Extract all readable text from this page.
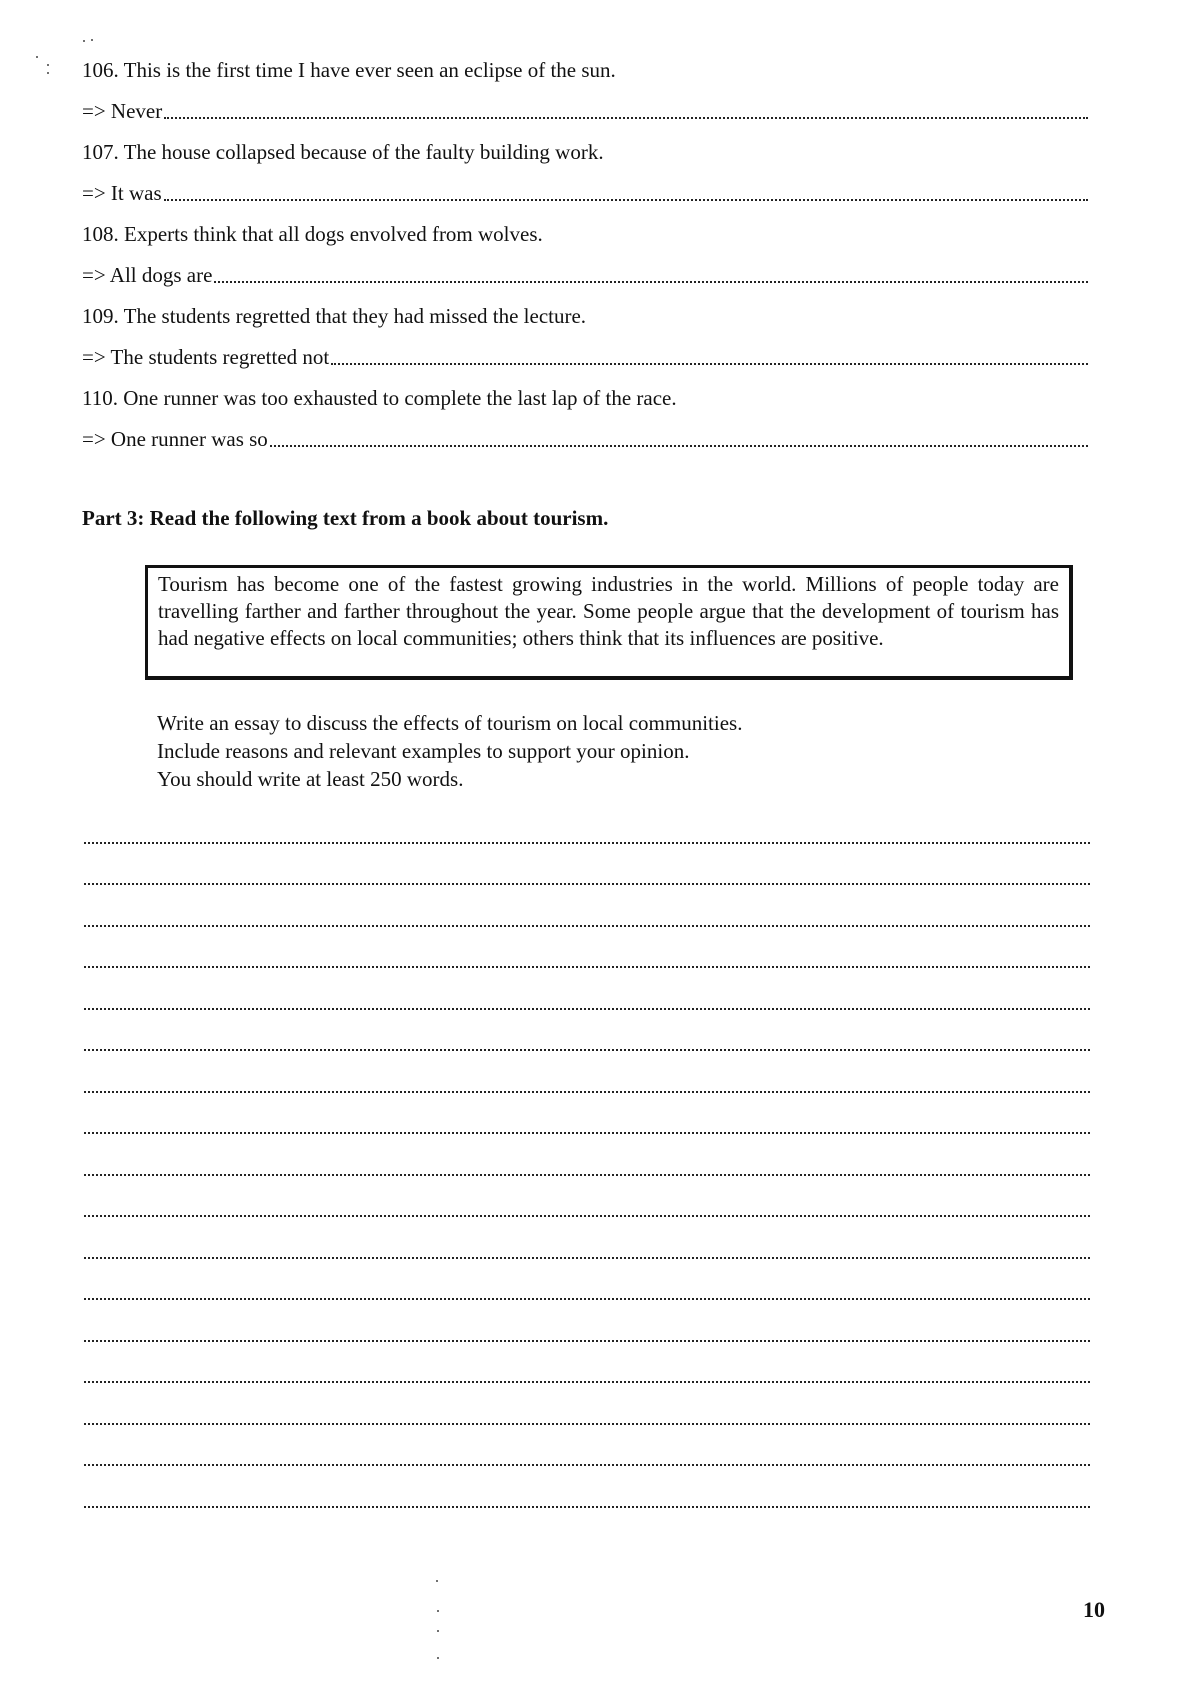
106. This is the first time I have ever seen an eclipse of the sun.
=> Never
107. The house collapsed because of the faulty building work.
=> It was
108. Experts think that all dogs envolved from wolves.
=> All dogs are
109. The students regretted that they had missed the lecture.
=> The students regretted not
110. One runner was too exhausted to complete the last lap of the race.
=> One runner was so
Part 3: Read the following text from a book about tourism.
Tourism has become one of the fastest growing industries in the world. Millions of people today are travelling farther and farther throughout the year. Some people argue that the development of tourism has had negative effects on local communities; others think that its influences are positive.
Write an essay to discuss the effects of tourism on local communities.
Include reasons and relevant examples to support your opinion.
You should write at least 250 words.
10
